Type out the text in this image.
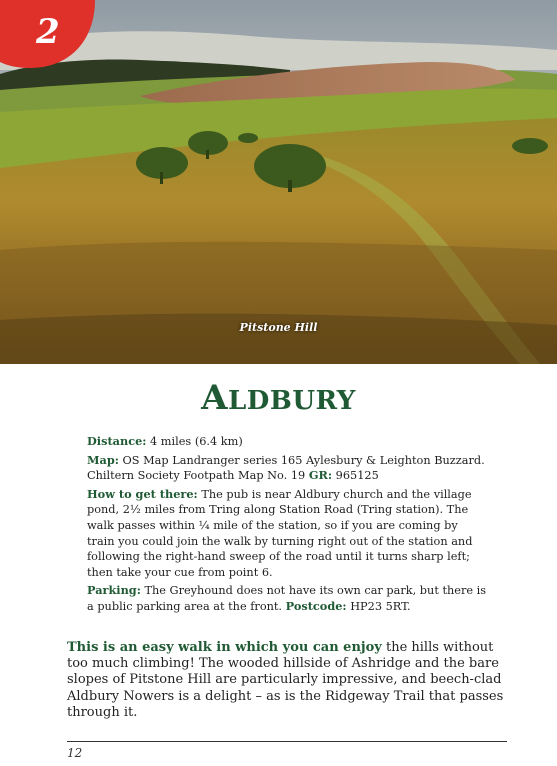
2
Pitstone Hill
ALDBURY

Distance: 4 miles (6.4 km)

Map: OS Map Landranger series 165 Aylesbury & Leighton Buzzard. Chiltern Society Footpath Map No. 19 GR: 965125

How to get there: The pub is near Aldbury church and the village pond, 2½ miles from Tring along Station Road (Tring station). The walk passes within ¼ mile of the station, so if you are coming by train you could join the walk by turning right out of the station and following the right-hand sweep of the road until it turns sharp left; then take your cue from point 6.

Parking: The Greyhound does not have its own car park, but there is a public parking area at the front. Postcode: HP23 5RT.

This is an easy walk in which you can enjoy the hills without too much climbing! The wooded hillside of Ashridge and the bare slopes of Pitstone Hill are particularly impressive, and beech-clad Aldbury Nowers is a delight – as is the Ridgeway Trail that passes through it.
12
